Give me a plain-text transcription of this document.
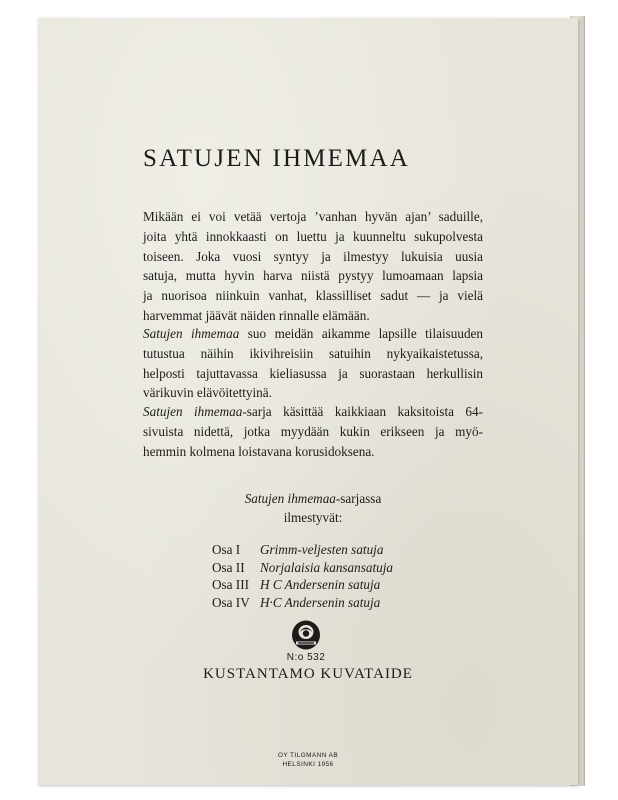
SATUJEN IHMEMAA
Mikään ei voi vetää vertoja ’vanhan hyvän ajan’ saduille,
joita yhtä innokkaasti on luettu ja kuunneltu sukupolvesta
toiseen. Joka vuosi syntyy ja ilmestyy lukuisia uusia
satuja, mutta hyvin harva niistä pystyy lumoamaan lapsia
ja nuorisoa niinkuin vanhat, klassilliset sadut — ja vielä
harvemmat jäävät näiden rinnalle elämään.
Satujen ihmemaa suo meidän aikamme lapsille tilaisuuden
tutustua näihin ikivihreisiin satuihin nykyaikaistetussa,
helposti tajuttavassa kieliasussa ja suorastaan herkullisin
värikuvin elävöitettyinä.
Satujen ihmemaa-sarja käsittää kaikkiaan kaksitoista 64-
sivuista nidettä, jotka myydään kukin erikseen ja myö-
hemmin kolmena loistavana korusidoksena.
Satujen ihmemaa-sarjassa
ilmestyvät:
Osa I	Grimm-veljesten satuja
Osa II	Norjalaisia kansansatuja
Osa III H C Andersenin satuja
Osa IV H·C Andersenin satuja
N:o 532
KUSTANTAMO KUVATAIDE
OY TILGMANN AB
HELSINKI 1956
